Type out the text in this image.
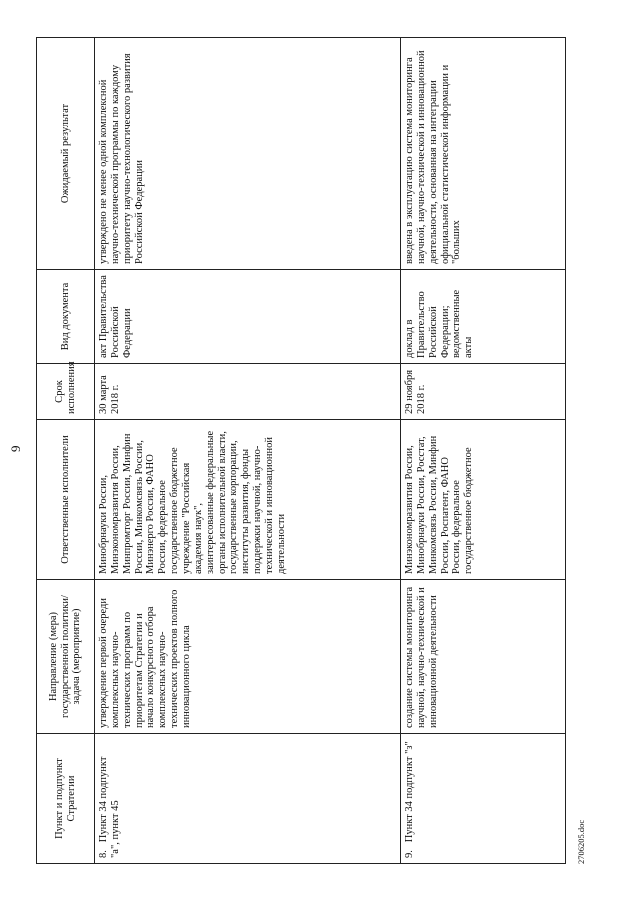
9
Пункт и подпункт Стратегии	Направление (мера) государственной политики/ задача (мероприятие)	Ответственные исполнители	Срок исполнения	Вид документа	Ожидаемый результат
8.   Пункт 34 подпункт "а", пункт 45	утверждение первой очереди комплексных научно-технических программ по приоритетам Стратегии и начало конкурсного отбора комплексных научно-технических проектов полного инновационного цикла	Минобрнауки России, Минэкономразвития России, Минпромторг России, Минфин России, Минкомсвязь России, Минэнерго России, ФАНО России, федеральное государственное бюджетное учреждение "Российская академия наук", заинтересованные федеральные органы исполнительной власти, государственные корпорации, институты развития, фонды поддержки научной, научно-технической и инновационной деятельности	30 марта 2018 г.	акт Правительства Российской Федерации	утверждено не менее одной комплексной научно-технической программы по каждому приоритету научно-технологического развития Российской Федерации
9.   Пункт 34 подпункт "з"	создание системы мониторинга научной, научно-технической и инновационной деятельности	Минэкономразвития России, Минобрнауки России, Росстат, Минкомсвязь России, Минфин России, Роспатент, ФАНО России, федеральное государственное бюджетное	29 ноября 2018 г.	доклад в Правительство Российской Федерации; ведомственные акты	введена в эксплуатацию система мониторинга научной, научно-технической и инновационной деятельности, основанная на интеграции официальной статистической информации и "больших
2706205.doc
